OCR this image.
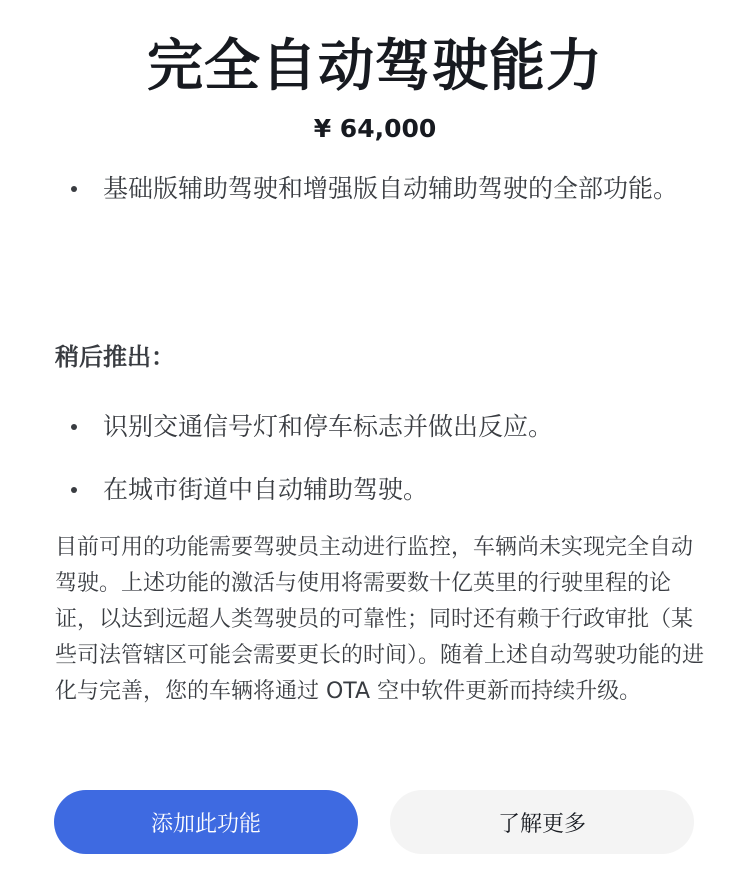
完全自动驾驶能力
¥ 64,000
基础版辅助驾驶和增强版自动辅助驾驶的全部功能。
稍后推出：
识别交通信号灯和停车标志并做出反应。
在城市街道中自动辅助驾驶。

目前可用的功能需要驾驶员主动进行监控，车辆尚未实现完全自动驾驶。上述功能的激活与使用将需要数十亿英里的行驶里程的论证，以达到远超人类驾驶员的可靠性；同时还有赖于行政审批（某些司法管辖区可能会需要更长的时间）。随着上述自动驾驶功能的进化与完善，您的车辆将通过 OTA 空中软件更新而持续升级。

添加此功能	了解更多
